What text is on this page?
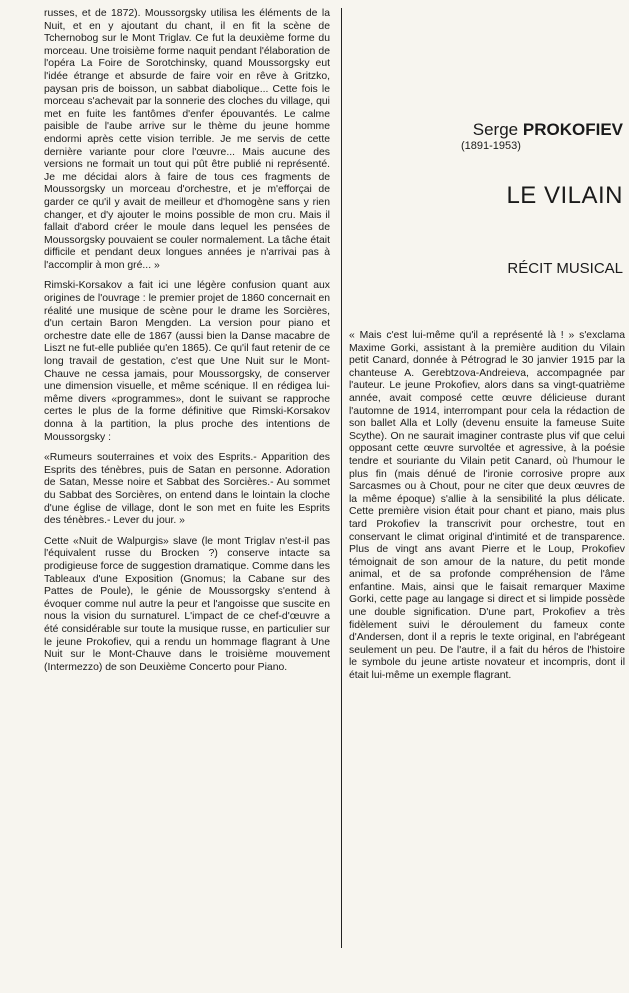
russes, et de 1872). Moussorgsky utilisa les éléments de la Nuit, et en y ajoutant du chant, il en fit la scène de Tchernobog sur le Mont Triglav. Ce fut la deuxième forme du morceau. Une troisième forme naquit pendant l'élaboration de l'opéra La Foire de Sorotchinsky, quand Moussorgsky eut l'idée étrange et absurde de faire voir en rêve à Gritzko, paysan pris de boisson, un sabbat diabolique... Cette fois le morceau s'achevait par la sonnerie des cloches du village, qui met en fuite les fantômes d'enfer épouvantés. Le calme paisible de l'aube arrive sur le thème du jeune homme endormi après cette vision terrible. Je me servis de cette dernière variante pour clore l'œuvre... Mais aucune des versions ne formait un tout qui pût être publié ni représenté. Je me décidai alors à faire de tous ces fragments de Moussorgsky un morceau d'orchestre, et je m'efforçai de garder ce qu'il y avait de meilleur et d'homogène sans y rien changer, et d'y ajouter le moins possible de mon cru. Mais il fallait d'abord créer le moule dans lequel les pensées de Moussorgsky pouvaient se couler normalement. La tâche était difficile et pendant deux longues années je n'arrivai pas à l'accomplir à mon gré... »

Rimski-Korsakov a fait ici une légère confusion quant aux origines de l'ouvrage : le premier projet de 1860 concernait en réalité une musique de scène pour le drame les Sorcières, d'un certain Baron Mengden. La version pour piano et orchestre date elle de 1867 (aussi bien la Danse macabre de Liszt ne fut-elle publiée qu'en 1865). Ce qu'il faut retenir de ce long travail de gestation, c'est que Une Nuit sur le Mont-Chauve ne cessa jamais, pour Moussorgsky, de conserver une dimension visuelle, et même scénique. Il en rédigea lui-même divers «programmes», dont le suivant se rapproche certes le plus de la forme définitive que Rimski-Korsakov donna à la partition, la plus proche des intentions de Moussorgsky :

«Rumeurs souterraines et voix des Esprits.- Apparition des Esprits des ténèbres, puis de Satan en personne. Adoration de Satan, Messe noire et Sabbat des Sorcières.- Au sommet du Sabbat des Sorcières, on entend dans le lointain la cloche d'une église de village, dont le son met en fuite les Esprits des ténèbres.- Lever du jour. »

Cette «Nuit de Walpurgis» slave (le mont Triglav n'est-il pas l'équivalent russe du Brocken ?) conserve intacte sa prodigieuse force de suggestion dramatique. Comme dans les Tableaux d'une Exposition (Gnomus; la Cabane sur des Pattes de Poule), le génie de Moussorgsky s'entend à évoquer comme nul autre la peur et l'angoisse que suscite en nous la vision du surnaturel. L'impact de ce chef-d'œuvre a été considérable sur toute la musique russe, en particulier sur le jeune Prokofiev, qui a rendu un hommage flagrant à Une Nuit sur le Mont-Chauve dans le troisième mouvement (Intermezzo) de son Deuxième Concerto pour Piano.

Serge PROKOFIEV
(1891-1953)
LE VILAIN
RÉCIT MUSICAL

« Mais c'est lui-même qu'il a représenté là ! » s'exclama Maxime Gorki, assistant à la première audition du Vilain petit Canard, donnée à Pétrograd le 30 janvier 1915 par la chanteuse A. Gerebtzova-Andreieva, accompagnée par l'auteur. Le jeune Prokofiev, alors dans sa vingt-quatrième année, avait composé cette œuvre délicieuse durant l'automne de 1914, interrompant pour cela la rédaction de son ballet Alla et Lolly (devenu ensuite la fameuse Suite Scythe). On ne saurait imaginer contraste plus vif que celui opposant cette œuvre survoltée et agressive, à la poésie tendre et souriante du Vilain petit Canard, où l'humour le plus fin (mais dénué de l'ironie corrosive propre aux Sarcasmes ou à Chout, pour ne citer que deux œuvres de la même époque) s'allie à la sensibilité la plus délicate. Cette première vision était pour chant et piano, mais plus tard Prokofiev la transcrivit pour orchestre, tout en conservant le climat original d'intimité et de transparence. Plus de vingt ans avant Pierre et le Loup, Prokofiev témoignait de son amour de la nature, du petit monde animal, et de sa profonde compréhension de l'âme enfantine. Mais, ainsi que le faisait remarquer Maxime Gorki, cette page au langage si direct et si limpide possède une double signification. D'une part, Prokofiev a très fidèlement suivi le déroulement du fameux conte d'Andersen, dont il a repris le texte original, en l'abrégeant seulement un peu. De l'autre, il a fait du héros de l'histoire le symbole du jeune artiste novateur et incompris, dont il était lui-même un exemple flagrant.
